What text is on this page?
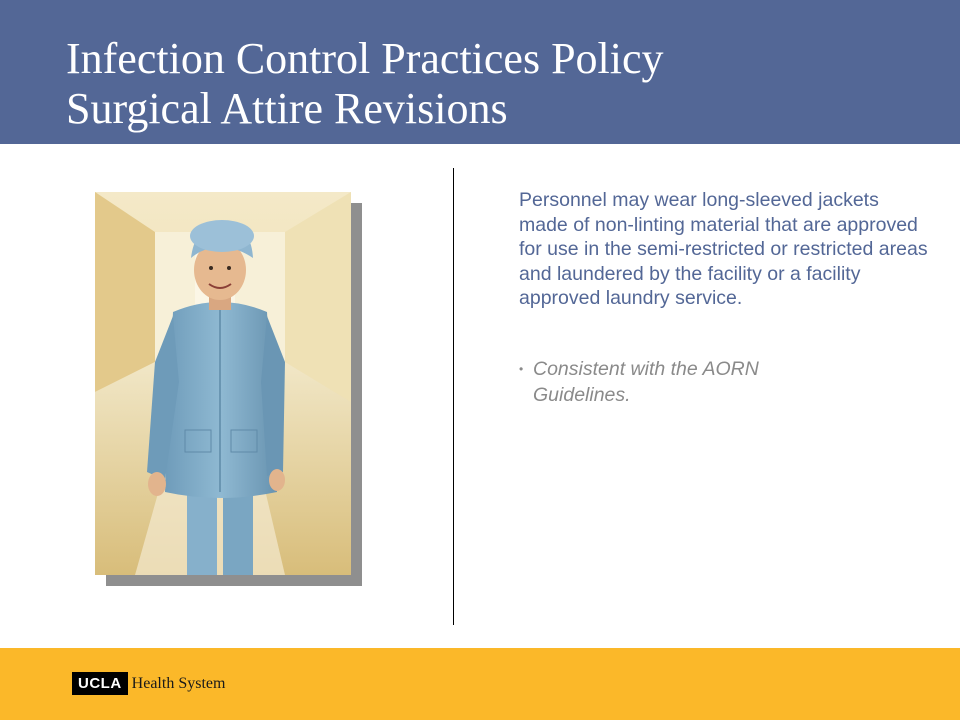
Infection Control Practices Policy
Surgical Attire Revisions

Personnel may wear long-sleeved jackets made of non-linting material that are approved for use in the semi-restricted or restricted areas and laundered by the facility or a facility approved laundry service.

• Consistent with the AORN Guidelines.

UCLA Health System
